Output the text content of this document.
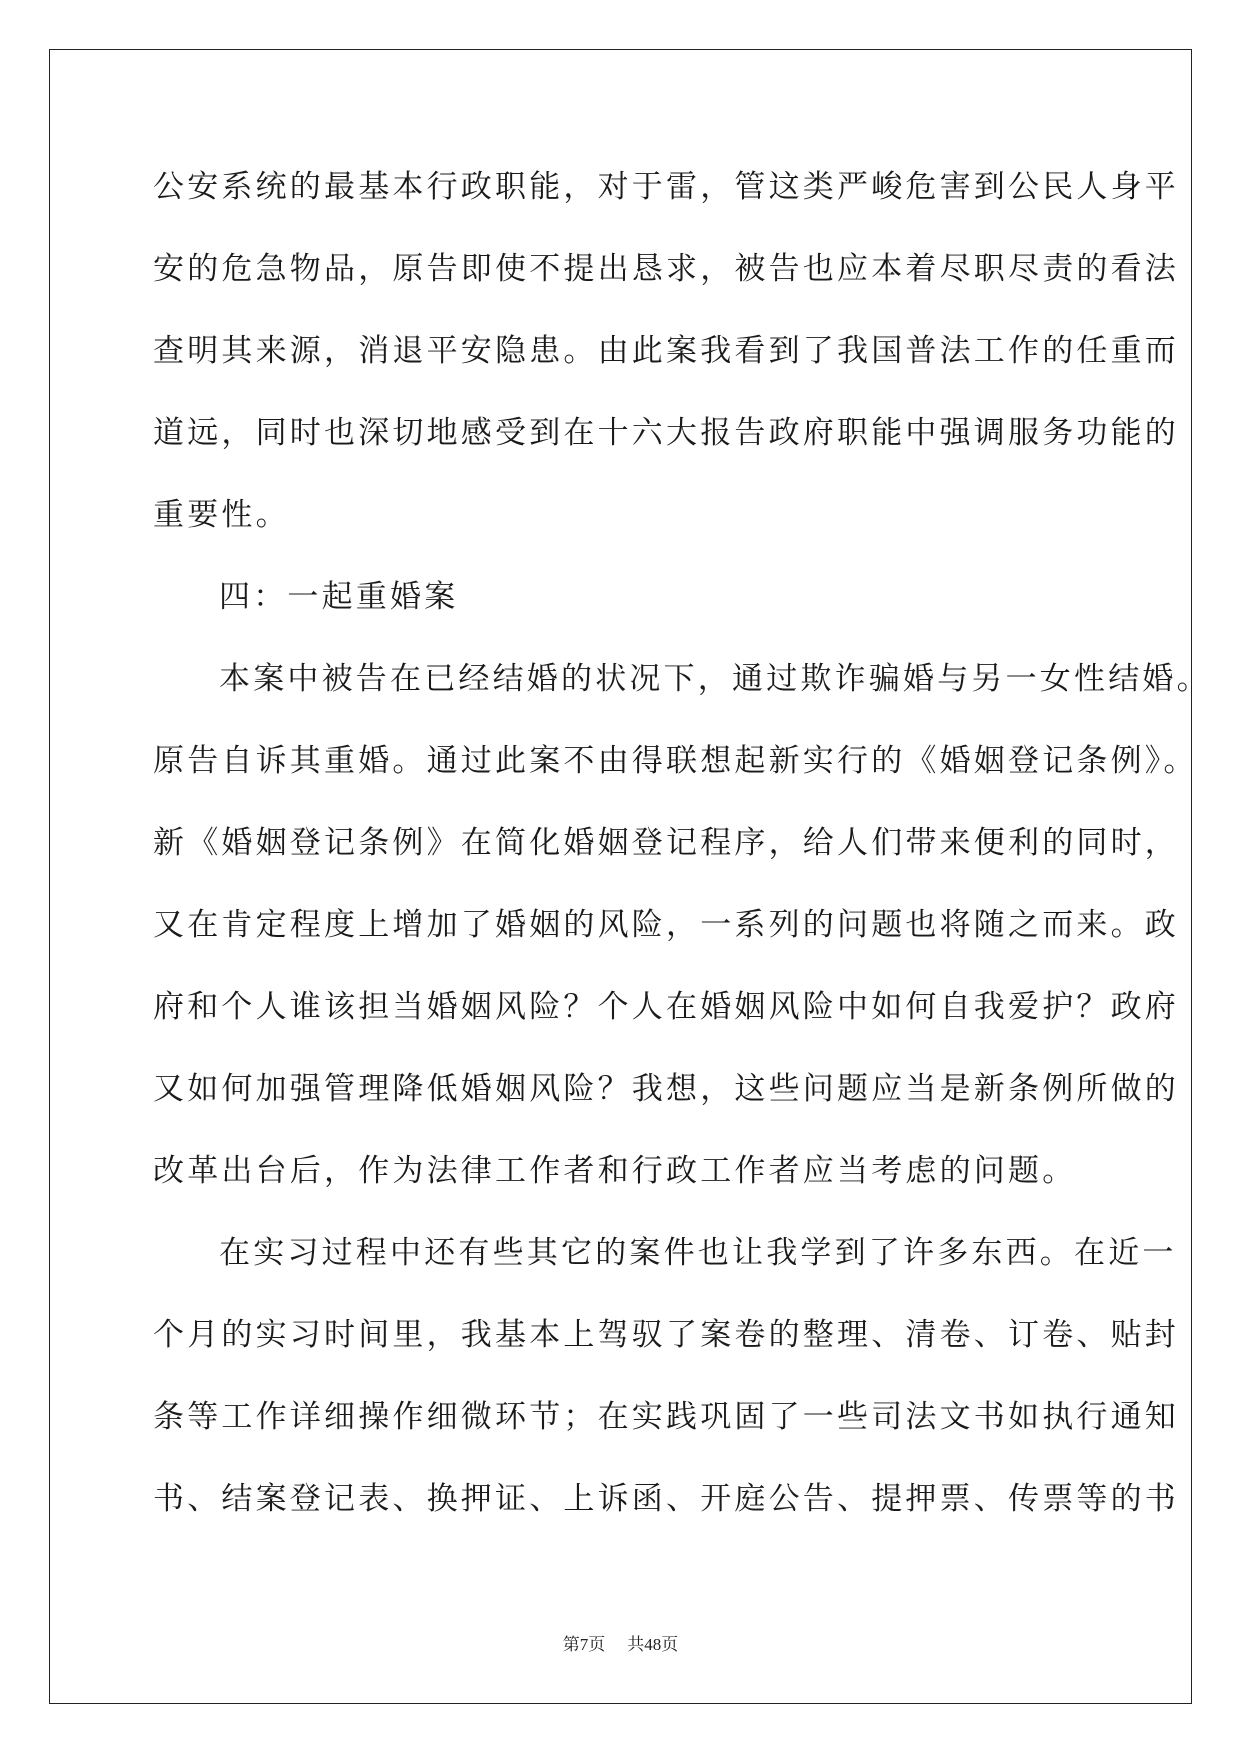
公安系统的最基本行政职能，对于雷，管这类严峻危害到公民人身平
安的危急物品，原告即使不提出恳求，被告也应本着尽职尽责的看法
查明其来源，消退平安隐患。由此案我看到了我国普法工作的任重而
道远，同时也深切地感受到在十六大报告政府职能中强调服务功能的
重要性。
四：一起重婚案
本案中被告在已经结婚的状况下，通过欺诈骗婚与另一女性结婚。
原告自诉其重婚。通过此案不由得联想起新实行的《婚姻登记条例》。
新《婚姻登记条例》在简化婚姻登记程序，给人们带来便利的同时，
又在肯定程度上增加了婚姻的风险，一系列的问题也将随之而来。政
府和个人谁该担当婚姻风险？个人在婚姻风险中如何自我爱护？政府
又如何加强管理降低婚姻风险？我想，这些问题应当是新条例所做的
改革出台后，作为法律工作者和行政工作者应当考虑的问题。
在实习过程中还有些其它的案件也让我学到了许多东西。在近一
个月的实习时间里，我基本上驾驭了案卷的整理、清卷、订卷、贴封
条等工作详细操作细微环节；在实践巩固了一些司法文书如执行通知
书、结案登记表、换押证、上诉函、开庭公告、提押票、传票等的书
第7页 共48页
